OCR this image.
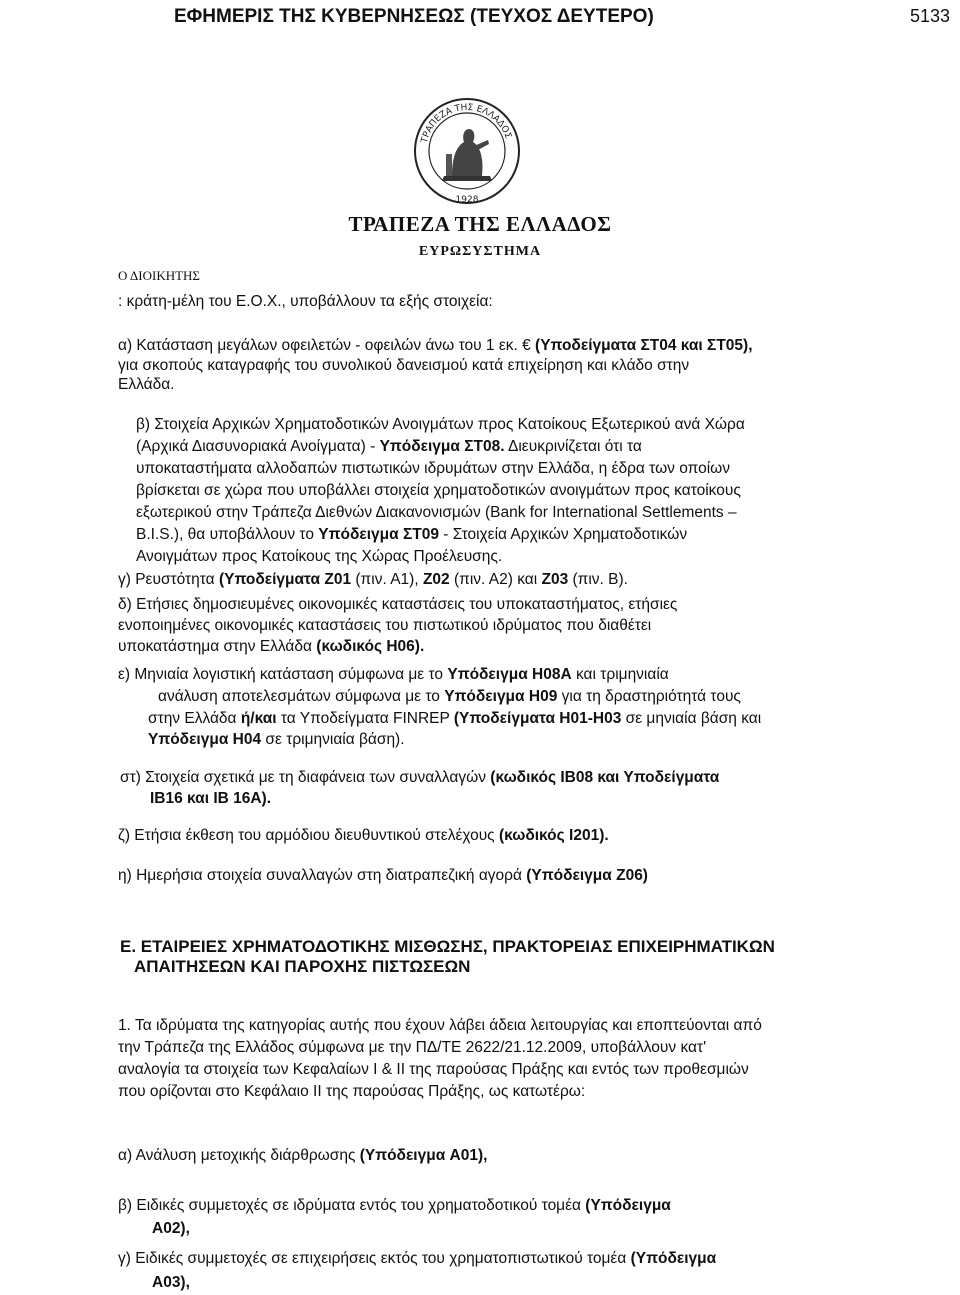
ΕΦΗΜΕΡΙΣ ΤΗΣ ΚΥΒΕΡΝΗΣΕΩΣ (ΤΕΥΧΟΣ ΔΕΥΤΕΡΟ)	5133
1928
ΤΡΑΠΕΖΑ ΤΗΣ ΕΛΛΑΔΟΣ
ΤΡΑΠΕΖΑ ΤΗΣ ΕΛΛΑΔΟΣ
ΕΥΡΩΣΥΣΤΗΜΑ
Ο ΔΙΟΙΚΗΤΗΣ
: κράτη-μέλη του Ε.Ο.Χ., υποβάλλουν τα εξής στοιχεία:
α) Κατάσταση μεγάλων οφειλετών - οφειλών άνω του 1 εκ. € (Υποδείγματα ΣΤ04 και ΣΤ05),
για σκοπούς καταγραφής του συνολικού δανεισμού κατά επιχείρηση και κλάδο στην
Ελλάδα.
β) Στοιχεία Αρχικών Χρηματοδοτικών Ανοιγμάτων προς Κατοίκους Εξωτερικού ανά Χώρα
(Αρχικά Διασυνοριακά Ανοίγματα) - Υπόδειγμα ΣΤ08. Διευκρινίζεται ότι τα
υποκαταστήματα αλλοδαπών πιστωτικών ιδρυμάτων στην Ελλάδα, η έδρα των οποίων
βρίσκεται σε χώρα που υποβάλλει στοιχεία χρηματοδοτικών ανοιγμάτων προς κατοίκους
εξωτερικού στην Τράπεζα Διεθνών Διακανονισμών (Bank for International Settlements –
B.I.S.), θα υποβάλλουν το Υπόδειγμα ΣΤ09 - Στοιχεία Αρχικών Χρηματοδοτικών
Ανοιγμάτων προς Κατοίκους της Χώρας Προέλευσης.
γ) Ρευστότητα (Υποδείγματα Z01 (πιν. Α1), Z02 (πιν. Α2) και Z03 (πιν. Β).
δ) Ετήσιες δημοσιευμένες οικονομικές καταστάσεις του υποκαταστήματος, ετήσιες
ενοποιημένες οικονομικές καταστάσεις του πιστωτικού ιδρύματος που διαθέτει
υποκατάστημα στην Ελλάδα (κωδικός H06).
ε) Μηνιαία λογιστική κατάσταση σύμφωνα με το Υπόδειγμα H08A και τριμηνιαία
ανάλυση αποτελεσμάτων σύμφωνα με το Υπόδειγμα H09 για τη δραστηριότητά τους
στην Ελλάδα ή/και τα Υποδείγματα FINREP (Υποδείγματα H01-H03 σε μηνιαία βάση και
Υπόδειγμα H04 σε τριμηνιαία βάση).
στ) Στοιχεία σχετικά με τη διαφάνεια των συναλλαγών (κωδικός IB08 και Υποδείγματα
IB16 και IB 16A).
ζ) Ετήσια έκθεση του αρμόδιου διευθυντικού στελέχους (κωδικός I201).
η) Ημερήσια στοιχεία συναλλαγών στη διατραπεζική αγορά (Υπόδειγμα Z06)
1. Τα ιδρύματα της κατηγορίας αυτής που έχουν λάβει άδεια λειτουργίας και εποπτεύονται από
την Τράπεζα της Ελλάδος σύμφωνα με την ΠΔ/ΤΕ 2622/21.12.2009, υποβάλλουν κατ'
αναλογία τα στοιχεία των Κεφαλαίων I & II της παρούσας Πράξης και εντός των προθεσμιών
που ορίζονται στο Κεφάλαιο II της παρούσας Πράξης, ως κατωτέρω:
α) Ανάλυση μετοχικής διάρθρωσης (Υπόδειγμα A01),
β) Ειδικές συμμετοχές σε ιδρύματα εντός του χρηματοδοτικού τομέα (Υπόδειγμα
A02),
γ) Ειδικές συμμετοχές σε επιχειρήσεις εκτός του χρηματοπιστωτικού τομέα (Υπόδειγμα
A03),
Ε. ΕΤΑΙΡΕΙΕΣ ΧΡΗΜΑΤΟΔΟΤΙΚΗΣ ΜΙΣΘΩΣΗΣ, ΠΡΑΚΤΟΡΕΙΑΣ ΕΠΙΧΕΙΡΗΜΑΤΙΚΩΝ
ΑΠΑΙΤΗΣΕΩΝ ΚΑΙ ΠΑΡΟΧΗΣ ΠΙΣΤΩΣΕΩΝ
